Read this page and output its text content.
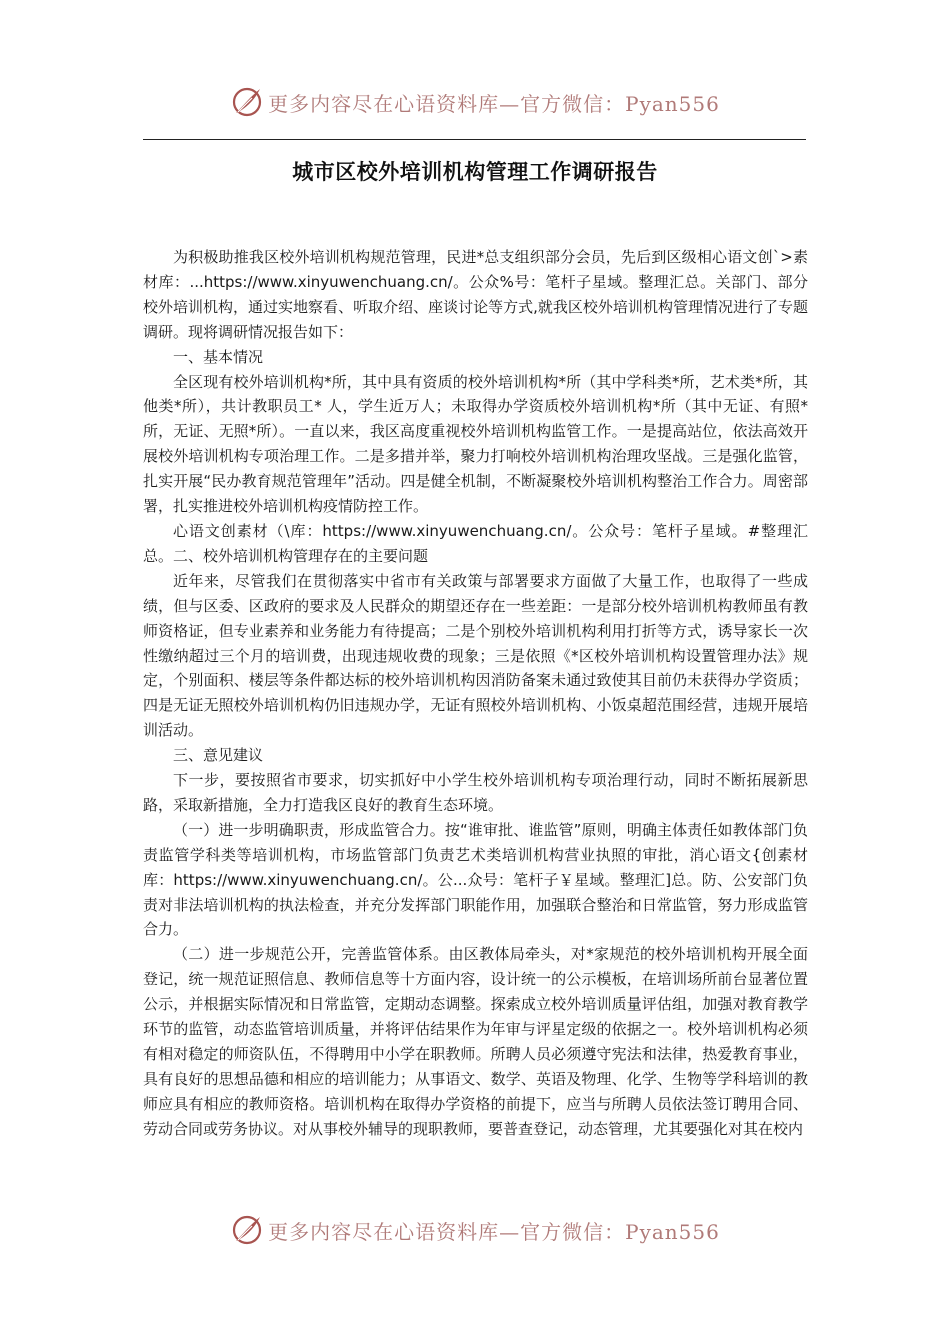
更多内容尽在心语资料库—官方微信：Pyan556
城市区校外培训机构管理工作调研报告

为积极助推我区校外培训机构规范管理，民进*总支组织部分会员，先后到区级相心语文创`>素材库：...https://www.xinyuwenchuang.cn/。公众%号：笔杆子星域。整理汇总。关部门、部分校外培训机构，通过实地察看、听取介绍、座谈讨论等方式,就我区校外培训机构管理情况进行了专题调研。现将调研情况报告如下：

一、基本情况

全区现有校外培训机构*所，其中具有资质的校外培训机构*所（其中学科类*所，艺术类*所，其他类*所），共计教职员工* 人，学生近万人；未取得办学资质校外培训机构*所（其中无证、有照*所，无证、无照*所）。一直以来，我区高度重视校外培训机构监管工作。一是提高站位，依法高效开展校外培训机构专项治理工作。二是多措并举，聚力打响校外培训机构治理攻坚战。三是强化监管，扎实开展“民办教育规范管理年”活动。四是健全机制，不断凝聚校外培训机构整治工作合力。周密部署，扎实推进校外培训机构疫情防控工作。

心语文创素材（\库：https://www.xinyuwenchuang.cn/。公众号：笔杆子星域。#整理汇总。二、校外培训机构管理存在的主要问题

近年来，尽管我们在贯彻落实中省市有关政策与部署要求方面做了大量工作，也取得了一些成绩，但与区委、区政府的要求及人民群众的期望还存在一些差距：一是部分校外培训机构教师虽有教师资格证，但专业素养和业务能力有待提高；二是个别校外培训机构利用打折等方式，诱导家长一次性缴纳超过三个月的培训费，出现违规收费的现象；三是依照《*区校外培训机构设置管理办法》规定，个别面积、楼层等条件都达标的校外培训机构因消防备案未通过致使其目前仍未获得办学资质；四是无证无照校外培训机构仍旧违规办学，无证有照校外培训机构、小饭桌超范围经营，违规开展培训活动。

三、意见建议

下一步，要按照省市要求，切实抓好中小学生校外培训机构专项治理行动，同时不断拓展新思路，采取新措施，全力打造我区良好的教育生态环境。

（一）进一步明确职责，形成监管合力。按“谁审批、谁监管”原则，明确主体责任如教体部门负责监管学科类等培训机构，市场监管部门负责艺术类培训机构营业执照的审批，消心语文{创素材库：https://www.xinyuwenchuang.cn/。公...众号：笔杆子￥星域。整理汇]总。防、公安部门负责对非法培训机构的执法检查，并充分发挥部门职能作用，加强联合整治和日常监管，努力形成监管合力。

（二）进一步规范公开，完善监管体系。由区教体局牵头，对*家规范的校外培训机构开展全面登记，统一规范证照信息、教师信息等十方面内容，设计统一的公示模板，在培训场所前台显著位置公示，并根据实际情况和日常监管，定期动态调整。探索成立校外培训质量评估组，加强对教育教学环节的监管，动态监管培训质量，并将评估结果作为年审与评星定级的依据之一。校外培训机构必须有相对稳定的师资队伍，不得聘用中小学在职教师。所聘人员必须遵守宪法和法律，热爱教育事业，具有良好的思想品德和相应的培训能力；从事语文、数学、英语及物理、化学、生物等学科培训的教师应具有相应的教师资格。培训机构在取得办学资格的前提下，应当与所聘人员依法签订聘用合同、劳动合同或劳务协议。对从事校外辅导的现职教师，要普查登记，动态管理，尤其要强化对其在校内

更多内容尽在心语资料库—官方微信：Pyan556
